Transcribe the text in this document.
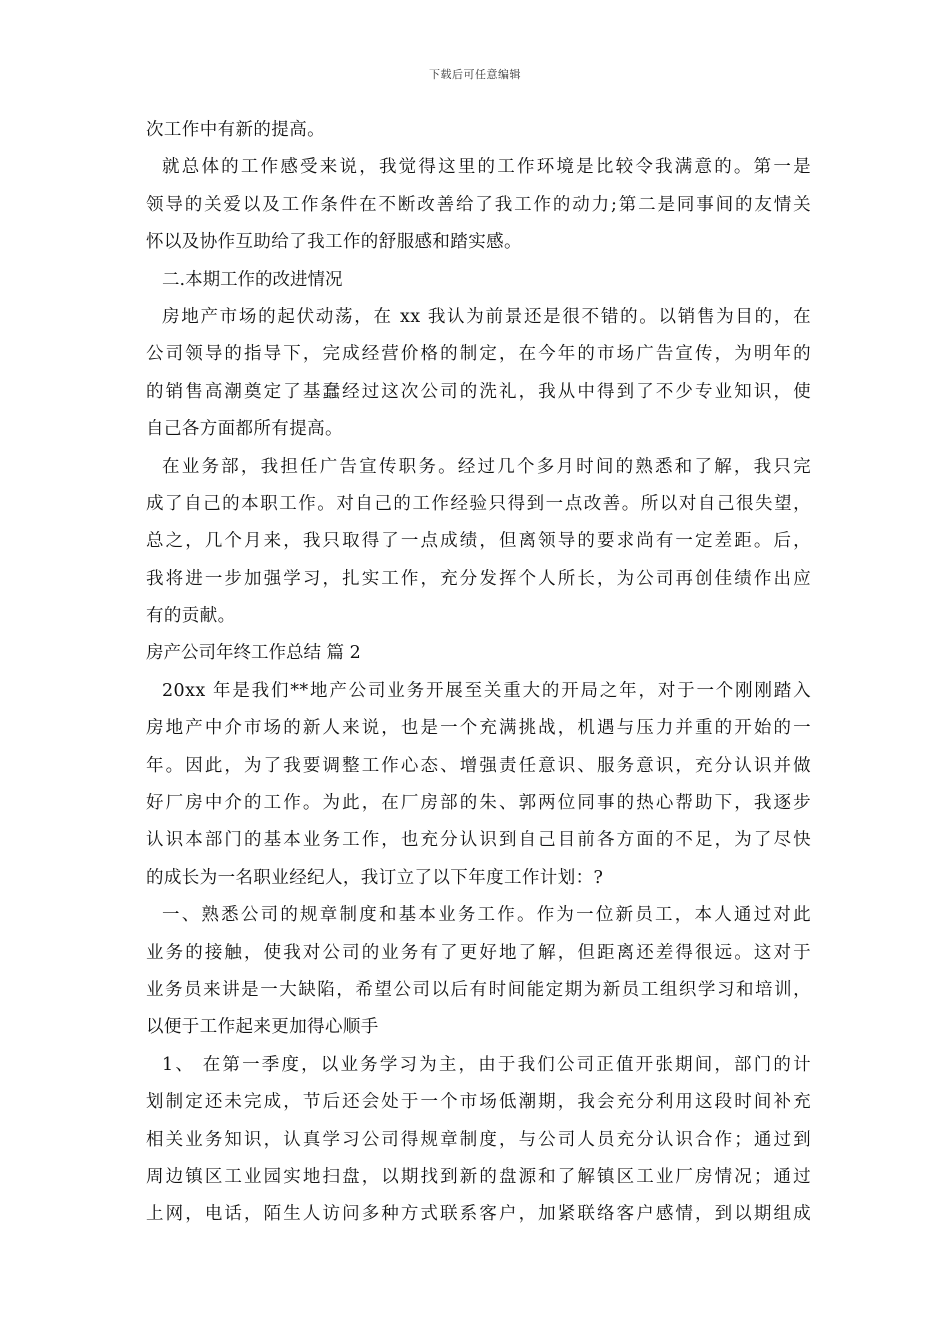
下载后可任意编辑
次工作中有新的提高。
就总体的工作感受来说，我觉得这里的工作环境是比较令我满意的。第一是
领导的关爱以及工作条件在不断改善给了我工作的动力;第二是同事间的友情关
怀以及协作互助给了我工作的舒服感和踏实感。
二.本期工作的改进情况
房地产市场的起伏动荡，在 xx 我认为前景还是很不错的。以销售为目的，在
公司领导的指导下，完成经营价格的制定，在今年的市场广告宣传，为明年的
的销售高潮奠定了基蠢经过这次公司的洗礼，我从中得到了不少专业知识，使
自己各方面都所有提高。
在业务部，我担任广告宣传职务。经过几个多月时间的熟悉和了解，我只完
成了自己的本职工作。对自己的工作经验只得到一点改善。所以对自己很失望，
总之，几个月来，我只取得了一点成绩，但离领导的要求尚有一定差距。后，
我将进一步加强学习，扎实工作，充分发挥个人所长，为公司再创佳绩作出应
有的贡献。
房产公司年终工作总结 篇 2
20xx 年是我们**地产公司业务开展至关重大的开局之年，对于一个刚刚踏入
房地产中介市场的新人来说，也是一个充满挑战，机遇与压力并重的开始的一
年。因此，为了我要调整工作心态、增强责任意识、服务意识，充分认识并做
好厂房中介的工作。为此，在厂房部的朱、郭两位同事的热心帮助下，我逐步
认识本部门的基本业务工作，也充分认识到自己目前各方面的不足，为了尽快
的成长为一名职业经纪人，我订立了以下年度工作计划：?
一、熟悉公司的规章制度和基本业务工作。作为一位新员工，本人通过对此
业务的接触，使我对公司的业务有了更好地了解，但距离还差得很远。这对于
业务员来讲是一大缺陷，希望公司以后有时间能定期为新员工组织学习和培训，
以便于工作起来更加得心顺手
1、 在第一季度，以业务学习为主，由于我们公司正值开张期间，部门的计
划制定还未完成，节后还会处于一个市场低潮期，我会充分利用这段时间补充
相关业务知识，认真学习公司得规章制度，与公司人员充分认识合作；通过到
周边镇区工业园实地扫盘，以期找到新的盘源和了解镇区工业厂房情况；通过
上网，电话，陌生人访问多种方式联系客户，加紧联络客户感情，到以期组成
